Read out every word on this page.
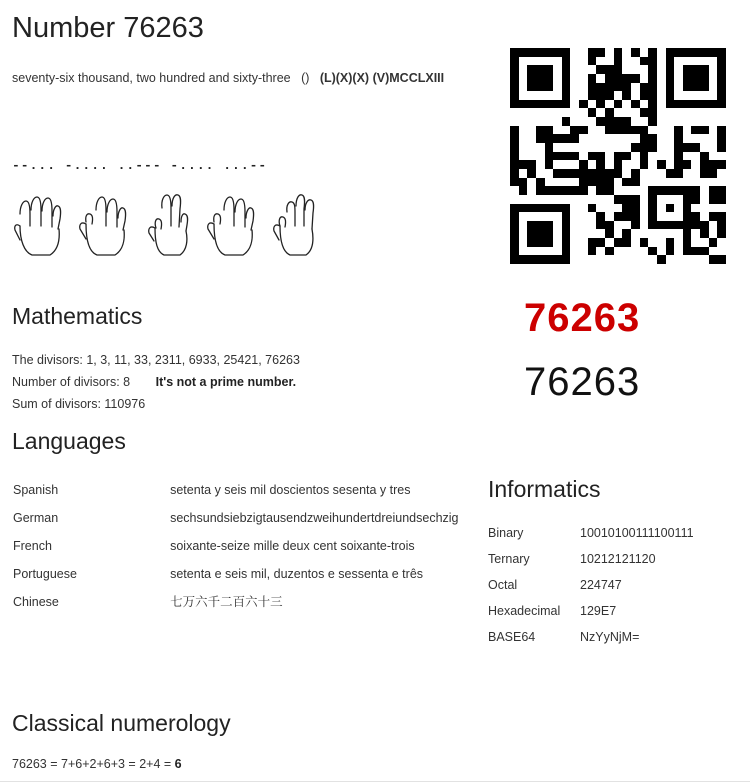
Number 76263
seventy-six thousand, two hundred and sixty-three () (L)(X)(X) (V)MCCLXIII
--... -.... ..--- -.... ...--
Mathematics
The divisors: 1, 3, 11, 33, 2311, 6933, 25421, 76263
Number of divisors: 8 It's not a prime number.
Sum of divisors: 110976
Languages
Spanish	setenta y seis mil doscientos sesenta y tres
German	sechsundsiebzigtausendzweihundertdreiundsechzig
French	soixante-seize mille deux cent soixante-trois
Portuguese	setenta e seis mil, duzentos e sessenta e três
Chinese	七万六千二百六十三
Informatics
Binary	10010100111100111
Ternary	10212121120
Octal	224747
Hexadecimal	129E7
BASE64	NzYyNjM=
Classical numerology
76263 = 7+6+2+6+3 = 2+4 = 6
76263
76263
